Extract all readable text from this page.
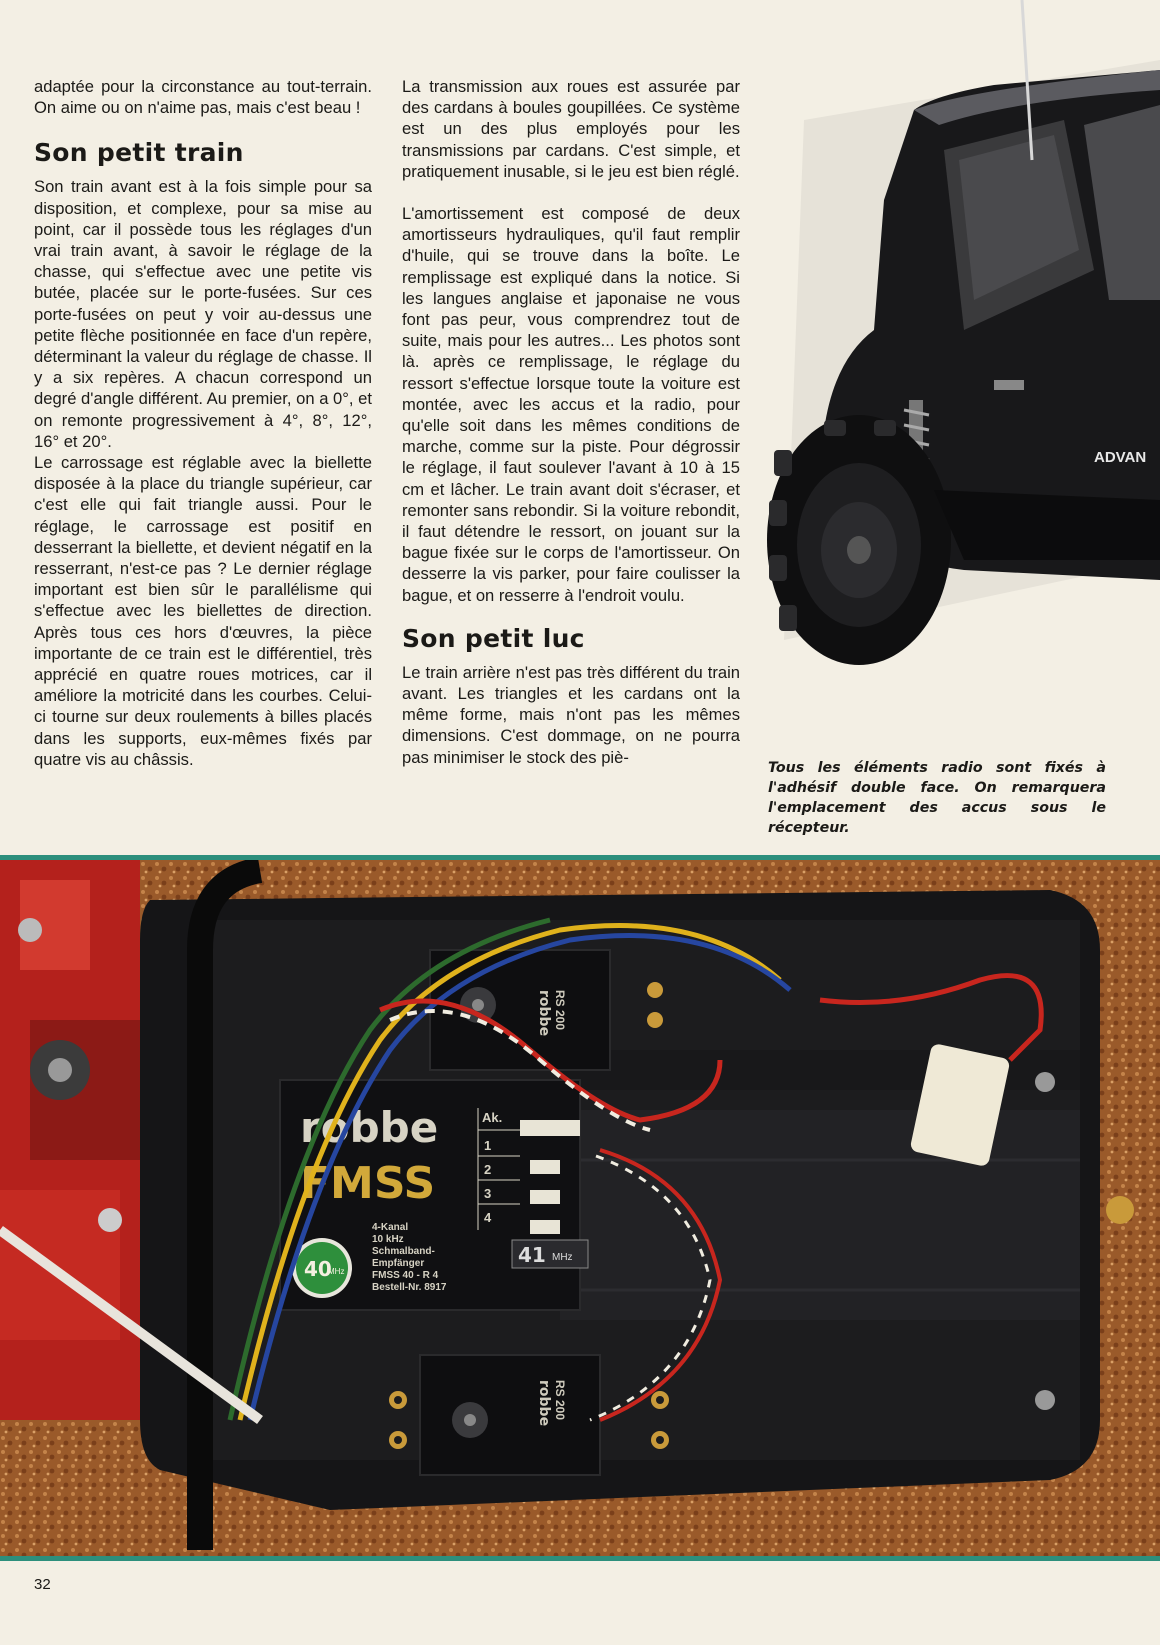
adaptée pour la circonstance au tout-terrain. On aime ou on n'aime pas, mais c'est beau !

Son petit train

Son train avant est à la fois simple pour sa disposition, et complexe, pour sa mise au point, car il possède tous les réglages d'un vrai train avant, à savoir le réglage de la chasse, qui s'effectue avec une petite vis butée, placée sur le porte-fusées. Sur ces porte-fusées on peut y voir au-dessus une petite flèche positionnée en face d'un repère, déterminant la valeur du réglage de chasse. Il y a six repères. A chacun correspond un degré d'angle différent. Au premier, on a 0°, et on remonte progressivement à 4°, 8°, 12°, 16° et 20°.

Le carrossage est réglable avec la biellette disposée à la place du triangle supérieur, car c'est elle qui fait triangle aussi. Pour le réglage, le carrossage est positif en desserrant la biellette, et devient négatif en la resserrant, n'est-ce pas ? Le dernier réglage important est bien sûr le parallélisme qui s'effectue avec les biellettes de direction. Après tous ces hors d'œuvres, la pièce importante de ce train est le différentiel, très apprécié en quatre roues motrices, car il améliore la motricité dans les courbes. Celui-ci tourne sur deux roulements à billes placés dans les supports, eux-mêmes fixés par quatre vis au châssis.

La transmission aux roues est assurée par des cardans à boules goupillées. Ce système est un des plus employés pour les transmissions par cardans. C'est simple, et pratiquement inusable, si le jeu est bien réglé.

L'amortissement est composé de deux amortisseurs hydrauliques, qu'il faut remplir d'huile, qui se trouve dans la boîte. Le remplissage est expliqué dans la notice. Si les langues anglaise et japonaise ne vous font pas peur, vous comprendrez tout de suite, mais pour les autres... Les photos sont là. après ce remplissage, le réglage du ressort s'effectue lorsque toute la voiture est montée, avec les accus et la radio, pour qu'elle soit dans les mêmes conditions de marche, comme sur la piste. Pour dégrossir le réglage, il faut soulever l'avant à 10 à 15 cm et lâcher. Le train avant doit s'écraser, et remonter sans rebondir. Si la voiture rebondit, il faut détendre le ressort, on jouant sur la bague fixée sur le corps de l'amortisseur. On desserre la vis parker, pour faire coulisser la bague, et on resserre à l'endroit voulu.

Son petit luc

Le train arrière n'est pas très différent du train avant. Les triangles et les cardans ont la même forme, mais n'ont pas les mêmes dimensions. C'est dommage, on ne pourra pas minimiser le stock des piè-

ADVAN
Tous les éléments radio sont fixés à l'adhésif double face. On remarquera l'emplacement des accus sous le récepteur.
robbe
FMSS
Ak.
1
2
3
4
4-Kanal
10 kHz
Schmalband-
Empfänger
FMSS 40 - R 4
Bestell-Nr. 8917
40
MHz
41 MHz
robbe RS 200
robbe RS 200
32
